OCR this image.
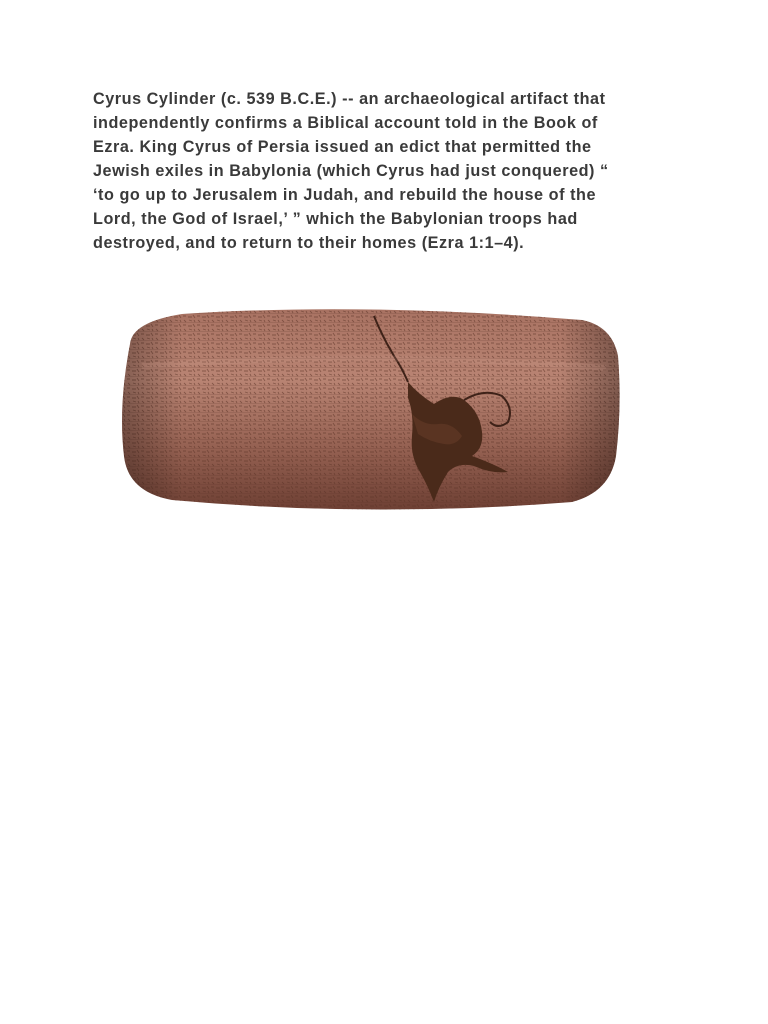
Cyrus Cylinder (c. 539 B.C.E.) -- an archaeological artifact that
independently confirms a Biblical account told in the Book of
Ezra. King Cyrus of Persia issued an edict that permitted the
Jewish exiles in Babylonia (which Cyrus had just conquered) “
‘to go up to Jerusalem in Judah, and rebuild the house of the
Lord, the God of Israel,’ ” which the Babylonian troops had
destroyed, and to return to their homes (Ezra 1:1–4).
